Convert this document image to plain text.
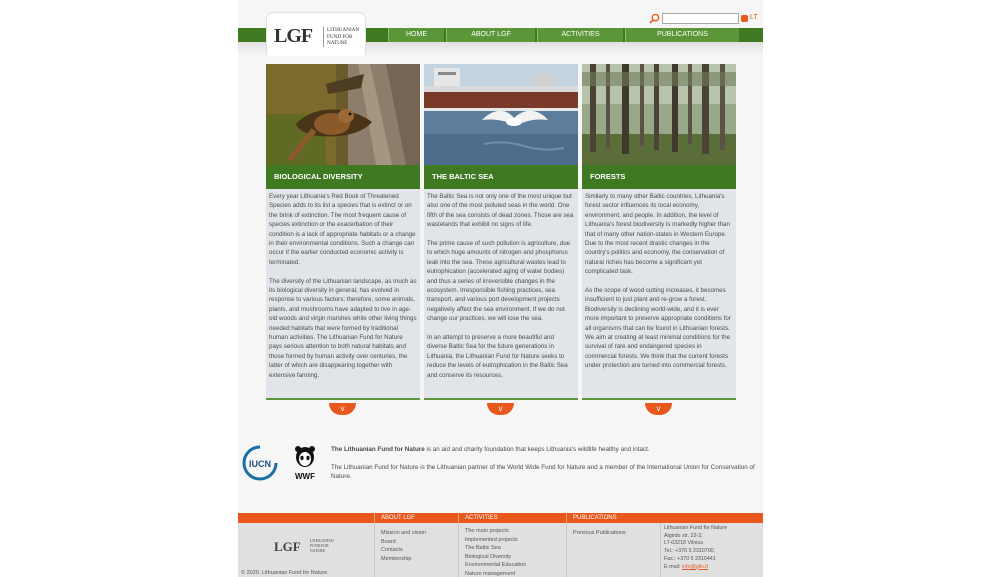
LGF	LITHUANIAN FUND FOR NATURE
LT
HOME	ABOUT LGF	ACTIVITIES	PUBLICATIONS
BIOLOGICAL DIVERSITY

Every year Lithuania's Red Book of Threatened Species adds to its list a species that is extinct or on the brink of extinction. The most frequent cause of species extinction or the exacerbation of their condition is a lack of appropriate habitats or a change in their environmental conditions. Such a change can occur if the earlier conducted economic activity is terminated.

The diversity of the Lithuanian landscape, as much as its biological diversity in general, has evolved in response to various factors; therefore, some animals, plants, and mushrooms have adapted to live in age-old woods and virgin marshes while other living things needed habitats that were formed by traditional human activities. The Lithuanian Fund for Nature pays serious attention to both natural habitats and those formed by human activity over centuries, the latter of which are disappearing together with extensive farming.

v
THE BALTIC SEA

The Baltic Sea is not only one of the most unique but also one of the most polluted seas in the world. One fifth of the sea consists of dead zones. Those are sea wastelands that exhibit no signs of life.

The prime cause of such pollution is agriculture, due to which huge amounts of nitrogen and phosphorus leak into the sea. These agricultural wastes lead to eutrophication (accelerated aging of water bodies) and thus a series of irreversible changes in the ecosystem. Irresponsible fishing practices, sea transport, and various port development projects negatively affect the sea environment. If we do not change our practices, we will lose the sea.

In an attempt to preserve a more beautiful and diverse Baltic Sea for the future generations in Lithuania, the Lithuanian Fund for Nature seeks to reduce the levels of eutrophication in the Baltic Sea and conserve its resources.

v
FORESTS

Similarly to many other Baltic countries, Lithuania's forest sector influences its local economy, environment, and people. In addition, the level of Lithuania's forest biodiversity is markedly higher than that of many other nation-states in Western Europe. Due to the most recent drastic changes in the country's politics and economy, the conservation of natural riches has become a significant yet complicated task.

As the scope of wood cutting increases, it becomes insufficient to just plant and re-grow a forest. Biodiversity is declining world-wide, and it is ever more important to preserve appropriate conditions for all organisms that can be found in Lithuanian forests. We aim at creating at least minimal conditions for the survival of rare and endangered species in commercial forests. We think that the current forests under protection are turned into commercial forests.

v
IUCN
WWF

The Lithuanian Fund for Nature is an aid and charity foundation that keeps Lithuania's wildlife healthy and intact.

The Lithuanian Fund for Nature is the Lithuanian partner of the World Wide Fund for Nature and a member of the International Union for Conservation of Nature.

ABOUT LGF	ACTIVITIES	PUBLICATIONS
LGF LITHUANIAN FUND FOR NATURE
© 2020. Lithuanian Fund for Nature
Mission and vision
Board
Contacts
Membership
The main projects
Implemented projects
The Baltic Sea
Biological Diversity
Environmental Education
Nature management
Previous Publications
Lithuanian Fund for Nature
Algirdo str. 22-3,
LT-03218 Vilnius
Tel.: +370 5 2310700,
Fax.: +370 5 2310441
E-mail: info@glis.lt
